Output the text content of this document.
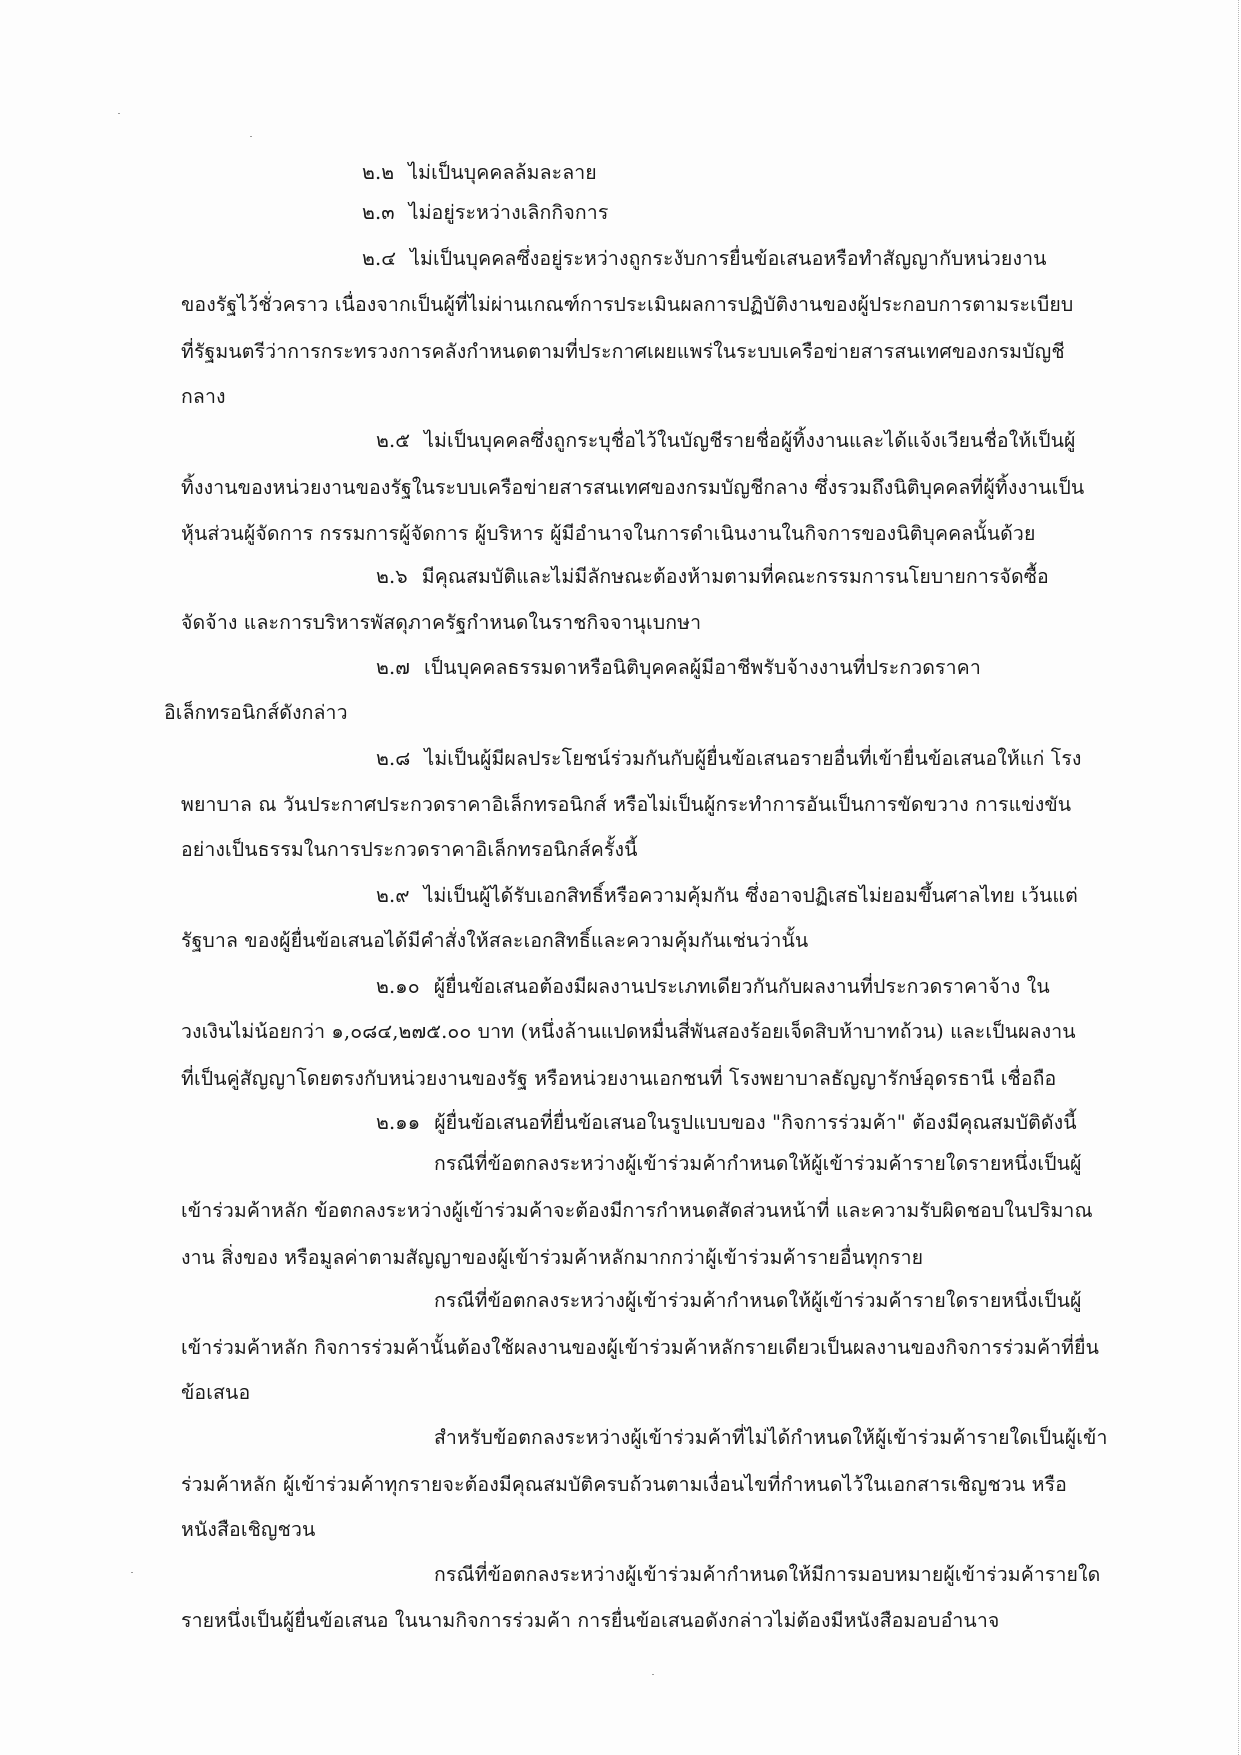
๒.๒ ไม่เป็นบุคคลล้มละลาย
๒.๓ ไม่อยู่ระหว่างเลิกกิจการ
๒.๔ ไม่เป็นบุคคลซึ่งอยู่ระหว่างถูกระงับการยื่นข้อเสนอหรือทำสัญญากับหน่วยงาน
ของรัฐไว้ชั่วคราว เนื่องจากเป็นผู้ที่ไม่ผ่านเกณฑ์การประเมินผลการปฏิบัติงานของผู้ประกอบการตามระเบียบ
ที่รัฐมนตรีว่าการกระทรวงการคลังกำหนดตามที่ประกาศเผยแพร่ในระบบเครือข่ายสารสนเทศของกรมบัญชี
กลาง
๒.๕ ไม่เป็นบุคคลซึ่งถูกระบุชื่อไว้ในบัญชีรายชื่อผู้ทิ้งงานและได้แจ้งเวียนชื่อให้เป็นผู้
ทิ้งงานของหน่วยงานของรัฐในระบบเครือข่ายสารสนเทศของกรมบัญชีกลาง ซึ่งรวมถึงนิติบุคคลที่ผู้ทิ้งงานเป็น
หุ้นส่วนผู้จัดการ กรรมการผู้จัดการ ผู้บริหาร ผู้มีอำนาจในการดำเนินงานในกิจการของนิติบุคคลนั้นด้วย
๒.๖ มีคุณสมบัติและไม่มีลักษณะต้องห้ามตามที่คณะกรรมการนโยบายการจัดซื้อ
จัดจ้าง และการบริหารพัสดุภาครัฐกำหนดในราชกิจจานุเบกษา
๒.๗ เป็นบุคคลธรรมดาหรือนิติบุคคลผู้มีอาชีพรับจ้างงานที่ประกวดราคา
อิเล็กทรอนิกส์ดังกล่าว
๒.๘ ไม่เป็นผู้มีผลประโยชน์ร่วมกันกับผู้ยื่นข้อเสนอรายอื่นที่เข้ายื่นข้อเสนอให้แก่ โรง
พยาบาล ณ วันประกาศประกวดราคาอิเล็กทรอนิกส์ หรือไม่เป็นผู้กระทำการอันเป็นการขัดขวาง การแข่งขัน
อย่างเป็นธรรมในการประกวดราคาอิเล็กทรอนิกส์ครั้งนี้
๒.๙ ไม่เป็นผู้ได้รับเอกสิทธิ์หรือความคุ้มกัน ซึ่งอาจปฏิเสธไม่ยอมขึ้นศาลไทย เว้นแต่
รัฐบาล ของผู้ยื่นข้อเสนอได้มีคำสั่งให้สละเอกสิทธิ์และความคุ้มกันเช่นว่านั้น
๒.๑๐ ผู้ยื่นข้อเสนอต้องมีผลงานประเภทเดียวกันกับผลงานที่ประกวดราคาจ้าง ใน
วงเงินไม่น้อยกว่า ๑,๐๘๔,๒๗๕.๐๐ บาท (หนึ่งล้านแปดหมื่นสี่พันสองร้อยเจ็ดสิบห้าบาทถ้วน) และเป็นผลงาน
ที่เป็นคู่สัญญาโดยตรงกับหน่วยงานของรัฐ หรือหน่วยงานเอกชนที่ โรงพยาบาลธัญญารักษ์อุดรธานี เชื่อถือ
๒.๑๑ ผู้ยื่นข้อเสนอที่ยื่นข้อเสนอในรูปแบบของ "กิจการร่วมค้า" ต้องมีคุณสมบัติดังนี้
กรณีที่ข้อตกลงระหว่างผู้เข้าร่วมค้ากำหนดให้ผู้เข้าร่วมค้ารายใดรายหนึ่งเป็นผู้
เข้าร่วมค้าหลัก ข้อตกลงระหว่างผู้เข้าร่วมค้าจะต้องมีการกำหนดสัดส่วนหน้าที่ และความรับผิดชอบในปริมาณ
งาน สิ่งของ หรือมูลค่าตามสัญญาของผู้เข้าร่วมค้าหลักมากกว่าผู้เข้าร่วมค้ารายอื่นทุกราย
กรณีที่ข้อตกลงระหว่างผู้เข้าร่วมค้ากำหนดให้ผู้เข้าร่วมค้ารายใดรายหนึ่งเป็นผู้
เข้าร่วมค้าหลัก กิจการร่วมค้านั้นต้องใช้ผลงานของผู้เข้าร่วมค้าหลักรายเดียวเป็นผลงานของกิจการร่วมค้าที่ยื่น
ข้อเสนอ
สำหรับข้อตกลงระหว่างผู้เข้าร่วมค้าที่ไม่ได้กำหนดให้ผู้เข้าร่วมค้ารายใดเป็นผู้เข้า
ร่วมค้าหลัก ผู้เข้าร่วมค้าทุกรายจะต้องมีคุณสมบัติครบถ้วนตามเงื่อนไขที่กำหนดไว้ในเอกสารเชิญชวน หรือ
หนังสือเชิญชวน
กรณีที่ข้อตกลงระหว่างผู้เข้าร่วมค้ากำหนดให้มีการมอบหมายผู้เข้าร่วมค้ารายใด
รายหนึ่งเป็นผู้ยื่นข้อเสนอ ในนามกิจการร่วมค้า การยื่นข้อเสนอดังกล่าวไม่ต้องมีหนังสือมอบอำนาจ
